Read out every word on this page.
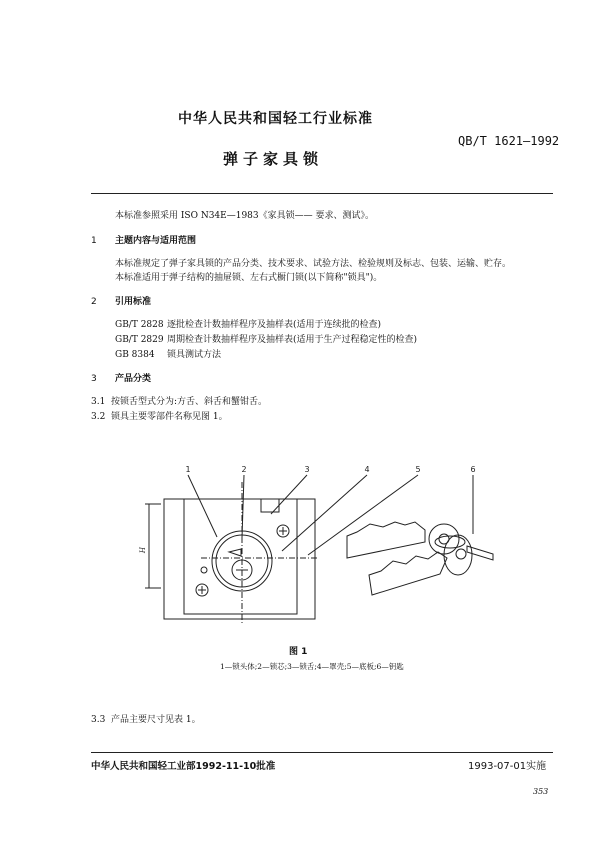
中华人民共和国轻工行业标准
QB/T 1621—1992
弹子家具锁
本标准参照采用 ISO N34E—1983《家具锁—— 要求、测试》。
1 主题内容与适用范围
本标准规定了弹子家具锁的产品分类、技术要求、试验方法、检验规则及标志、包装、运输、贮存。
本标准适用于弹子结构的抽屉锁、左右式橱门锁(以下简称"锁具")。
2 引用标准
GB/T 2828 逐批检查计数抽样程序及抽样表(适用于连续批的检查)
GB/T 2829 周期检查计数抽样程序及抽样表(适用于生产过程稳定性的检查)
GB 8384 锁具测试方法
3 产品分类
3.1 按锁舌型式分为:方舌、斜舌和蟹钳舌。
3.2 锁具主要零部件名称见图 1。
H
1	2	3	4	5	6
图 1
1—锁头体;2—锁芯;3—锁舌;4—罩壳;5—底板;6—钥匙
3.3 产品主要尺寸见表 1。
中华人民共和国轻工业部1992-11-10批准	1993-07-01实施
353
